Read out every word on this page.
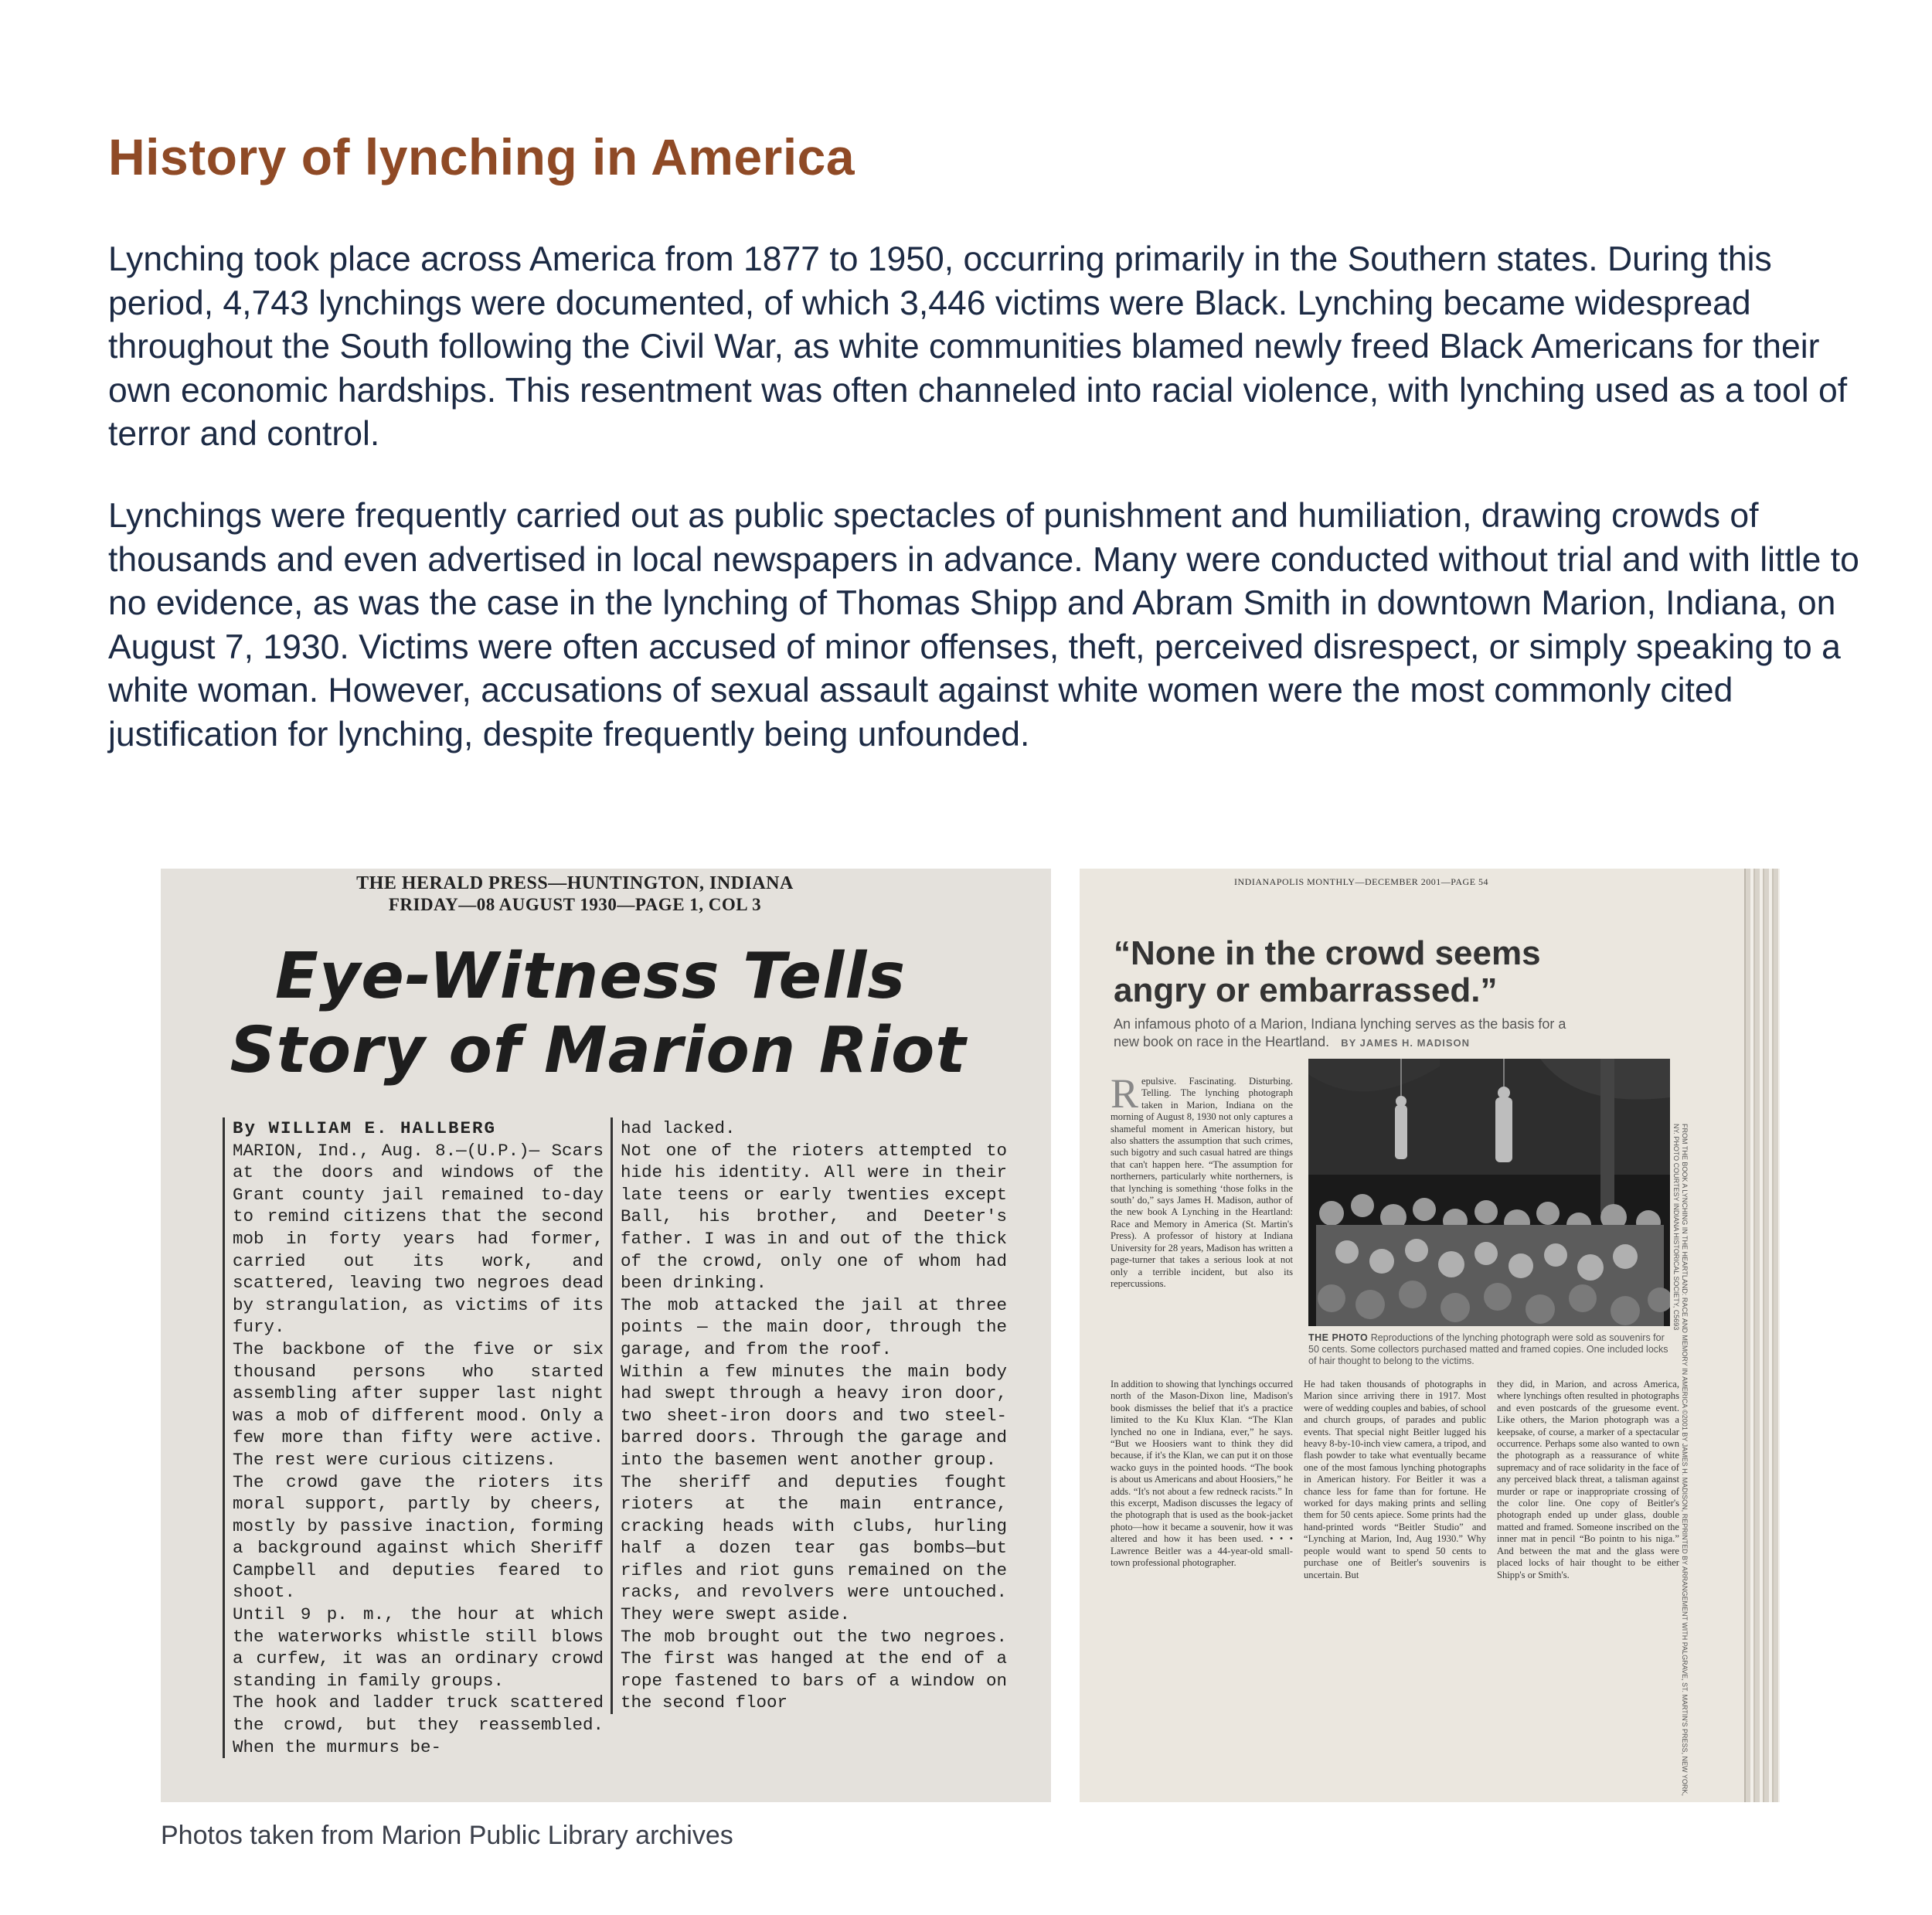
History of lynching in America

Lynching took place across America from 1877 to 1950, occurring primarily in the Southern states. During this period, 4,743 lynchings were documented, of which 3,446 victims were Black. Lynching became widespread throughout the South following the Civil War, as white communities blamed newly freed Black Americans for their own economic hardships. This resentment was often channeled into racial violence, with lynching used as a tool of terror and control.

Lynchings were frequently carried out as public spectacles of punishment and humiliation, drawing crowds of thousands and even advertised in local newspapers in advance. Many were conducted without trial and with little to no evidence, as was the case in the lynching of Thomas Shipp and Abram Smith in downtown Marion, Indiana, on August 7, 1930. Victims were often accused of minor offenses, theft, perceived disrespect, or simply speaking to a white woman. However, accusations of sexual assault against white women were the most commonly cited justification for lynching, despite frequently being unfounded.

THE HERALD PRESS—HUNTINGTON, INDIANA
FRIDAY—08 AUGUST 1930—PAGE 1, COL 3
Eye-Witness Tells
Story of Marion Riot

By WILLIAM E. HALLBERG

MARION, Ind., Aug. 8.—(U.P.)— Scars at the doors and windows of the Grant county jail remained to-day to remind citizens that the second mob in forty years had former, carried out its work, and scattered, leaving two negroes dead by strangulation, as victims of its fury.

The backbone of the five or six thousand persons who started assembling after supper last night was a mob of different mood. Only a few more than fifty were active. The rest were curious citizens.

The crowd gave the rioters its moral support, partly by cheers, mostly by passive inaction, forming a background against which Sheriff Campbell and deputies feared to shoot.

Until 9 p. m., the hour at which the waterworks whistle still blows a curfew, it was an ordinary crowd standing in family groups.

The hook and ladder truck scattered the crowd, but they reassembled. When the murmurs be-

had lacked.

Not one of the rioters attempted to hide his identity. All were in their late teens or early twenties except Ball, his brother, and Deeter's father. I was in and out of the thick of the crowd, only one of whom had been drinking.

The mob attacked the jail at three points — the main door, through the garage, and from the roof.

Within a few minutes the main body had swept through a heavy iron door, two sheet-iron doors and two steel-barred doors. Through the garage and into the basemen went another group.

The sheriff and deputies fought rioters at the main entrance, cracking heads with clubs, hurling half a dozen tear gas bombs—but rifles and riot guns remained on the racks, and revolvers were untouched. They were swept aside.

The mob brought out the two negroes. The first was hanged at the end of a rope fastened to bars of a window on the second floor

INDIANAPOLIS MONTHLY—DECEMBER 2001—PAGE 54
“None in the crowd seems angry or embarrassed.”
An infamous photo of a Marion, Indiana lynching serves as the basis for a new book on race in the Heartland. BY JAMES H. MADISON

Repulsive. Fascinating. Disturbing. Telling. The lynching photograph taken in Marion, Indiana on the morning of August 8, 1930 not only captures a shameful moment in American history, but also shatters the assumption that such crimes, such bigotry and such casual hatred are things that can't happen here. “The assumption for northerners, particularly white northerners, is that lynching is something ‘those folks in the south’ do,” says James H. Madison, author of the new book A Lynching in the Heartland: Race and Memory in America (St. Martin's Press). A professor of history at Indiana University for 28 years, Madison has written a page-turner that takes a serious look at not only a terrible incident, but also its repercussions.

THE PHOTO Reproductions of the lynching photograph were sold as souvenirs for 50 cents. Some collectors purchased matted and framed copies. One included locks of hair thought to belong to the victims.

In addition to showing that lynchings occurred north of the Mason-Dixon line, Madison's book dismisses the belief that it's a practice limited to the Ku Klux Klan. “The Klan lynched no one in Indiana, ever,” he says. “But we Hoosiers want to think they did because, if it's the Klan, we can put it on those wacko guys in the pointed hoods. “The book is about us Americans and about Hoosiers,” he adds. “It's not about a few redneck racists.” In this excerpt, Madison discusses the legacy of the photograph that is used as the book-jacket photo—how it became a souvenir, how it was altered and how it has been used. • • • Lawrence Beitler was a 44-year-old small-town professional photographer.

He had taken thousands of photographs in Marion since arriving there in 1917. Most were of wedding couples and babies, of school and church groups, of parades and public events. That special night Beitler lugged his heavy 8-by-10-inch view camera, a tripod, and flash powder to take what eventually became one of the most famous lynching photographs in American history. For Beitler it was a chance less for fame than for fortune. He worked for days making prints and selling them for 50 cents apiece. Some prints had the hand-printed words “Beitler Studio” and “Lynching at Marion, Ind, Aug 1930.” Why people would want to spend 50 cents to purchase one of Beitler's souvenirs is uncertain. But

they did, in Marion, and across America, where lynchings often resulted in photographs and even postcards of the gruesome event. Like others, the Marion photograph was a keepsake, of course, a marker of a spectacular occurrence. Perhaps some also wanted to own the photograph as a reassurance of white supremacy and of race solidarity in the face of any perceived black threat, a talisman against murder or rape or inappropriate crossing of the color line. One copy of Beitler's photograph ended up under glass, double matted and framed. Someone inscribed on the inner mat in pencil “Bo pointn to his niga.” And between the mat and the glass were placed locks of hair thought to be either Shipp's or Smith's.	FROM THE BOOK A LYNCHING IN THE HEARTLAND: RACE AND MEMORY IN AMERICA ©2001 BY JAMES H. MADISON, REPRINTED BY ARRANGEMENT WITH PALGRAVE, ST. MARTIN'S PRESS, NEW YORK, NY. PHOTO COURTESY INDIANA HISTORICAL SOCIETY, C5693
Photos taken from Marion Public Library archives
